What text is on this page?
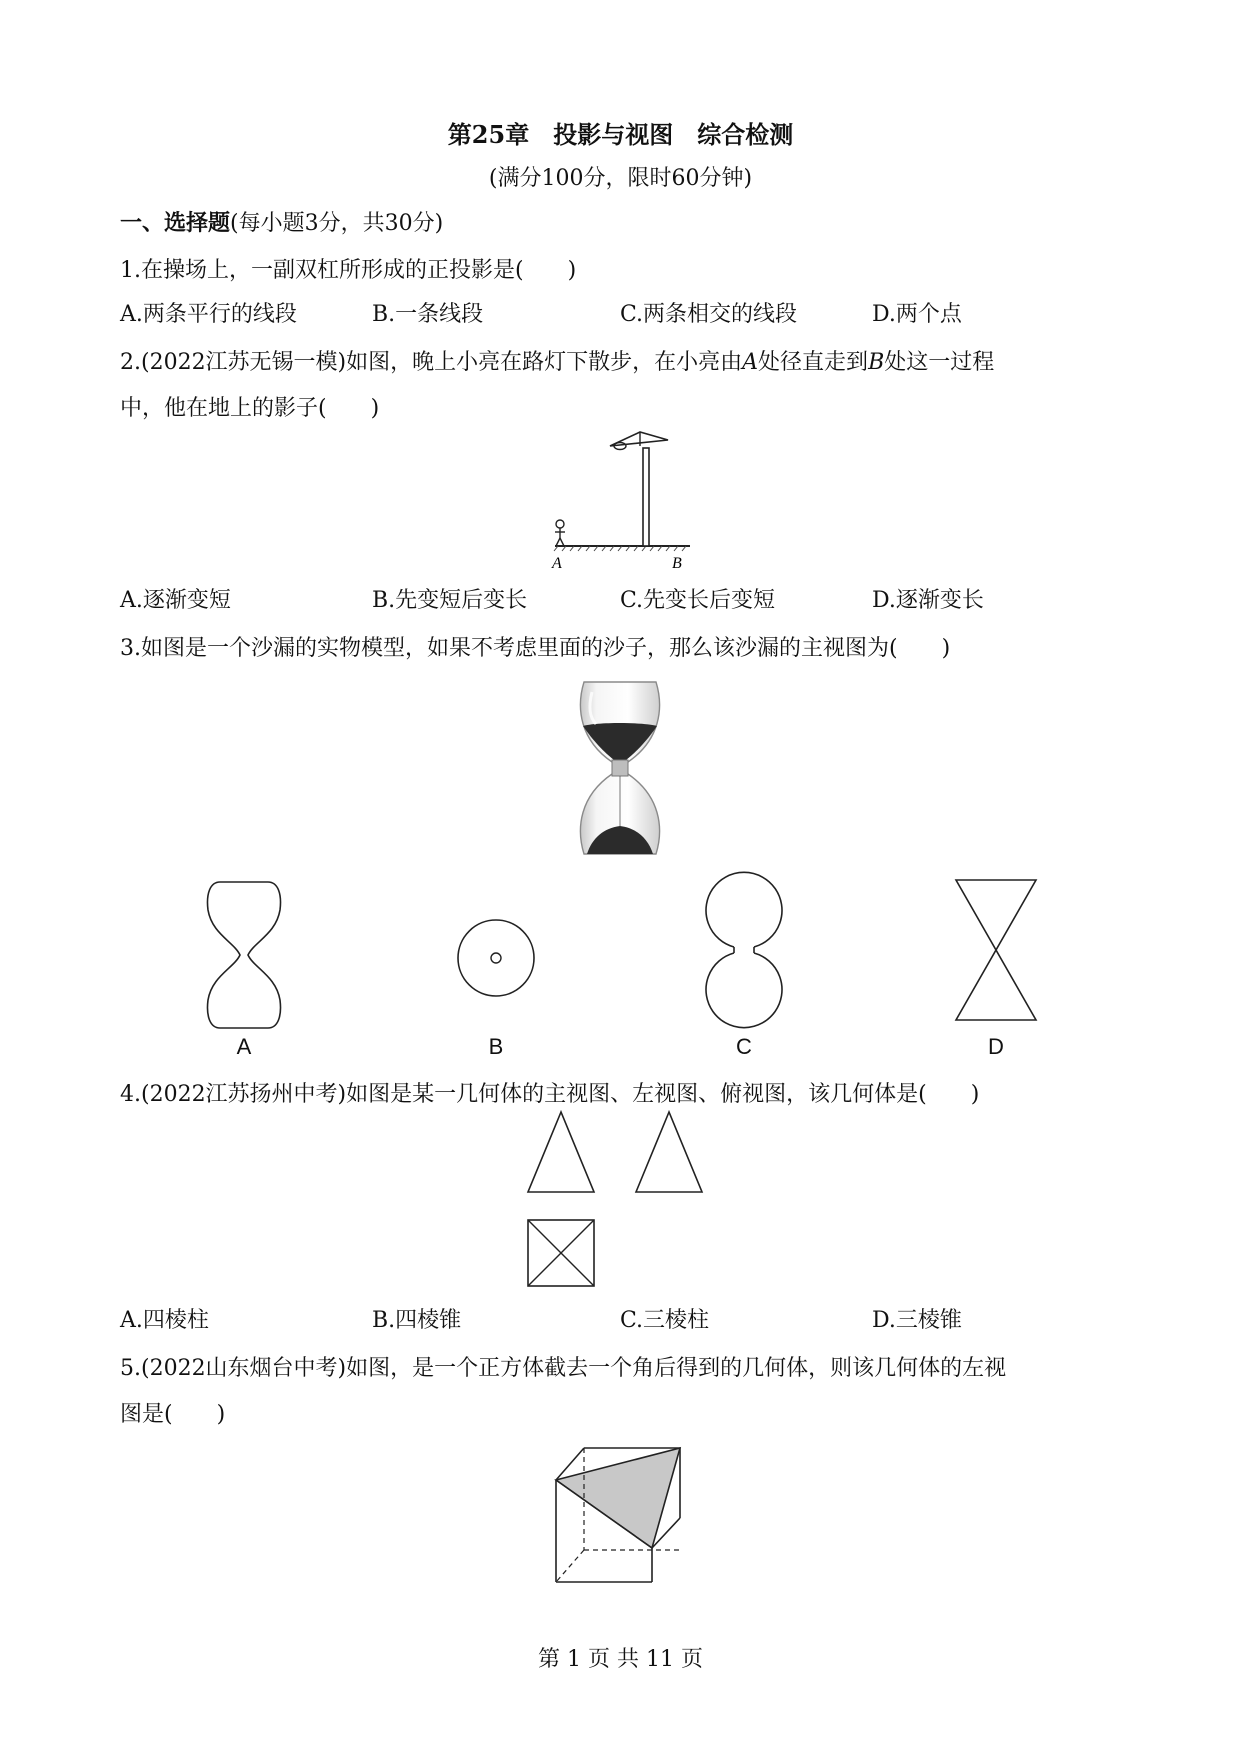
第25章　投影与视图　综合检测
(满分100分，限时60分钟)
一、选择题(每小题3分，共30分)
1.在操场上，一副双杠所形成的正投影是(　　)
A.两条平行的线段	B.一条线段	C.两条相交的线段	D.两个点
2.(2022江苏无锡一模)如图，晚上小亮在路灯下散步，在小亮由A处径直走到B处这一过程
中，他在地上的影子(　　)
A	B
A.逐渐变短	B.先变短后变长	C.先变长后变短	D.逐渐变长
3.如图是一个沙漏的实物模型，如果不考虑里面的沙子，那么该沙漏的主视图为(　　)
A	B	C	D
4.(2022江苏扬州中考)如图是某一几何体的主视图、左视图、俯视图，该几何体是(　　)
A.四棱柱	B.四棱锥	C.三棱柱	D.三棱锥
5.(2022山东烟台中考)如图，是一个正方体截去一个角后得到的几何体，则该几何体的左视
图是(　　)
第 1 页 共 11 页
